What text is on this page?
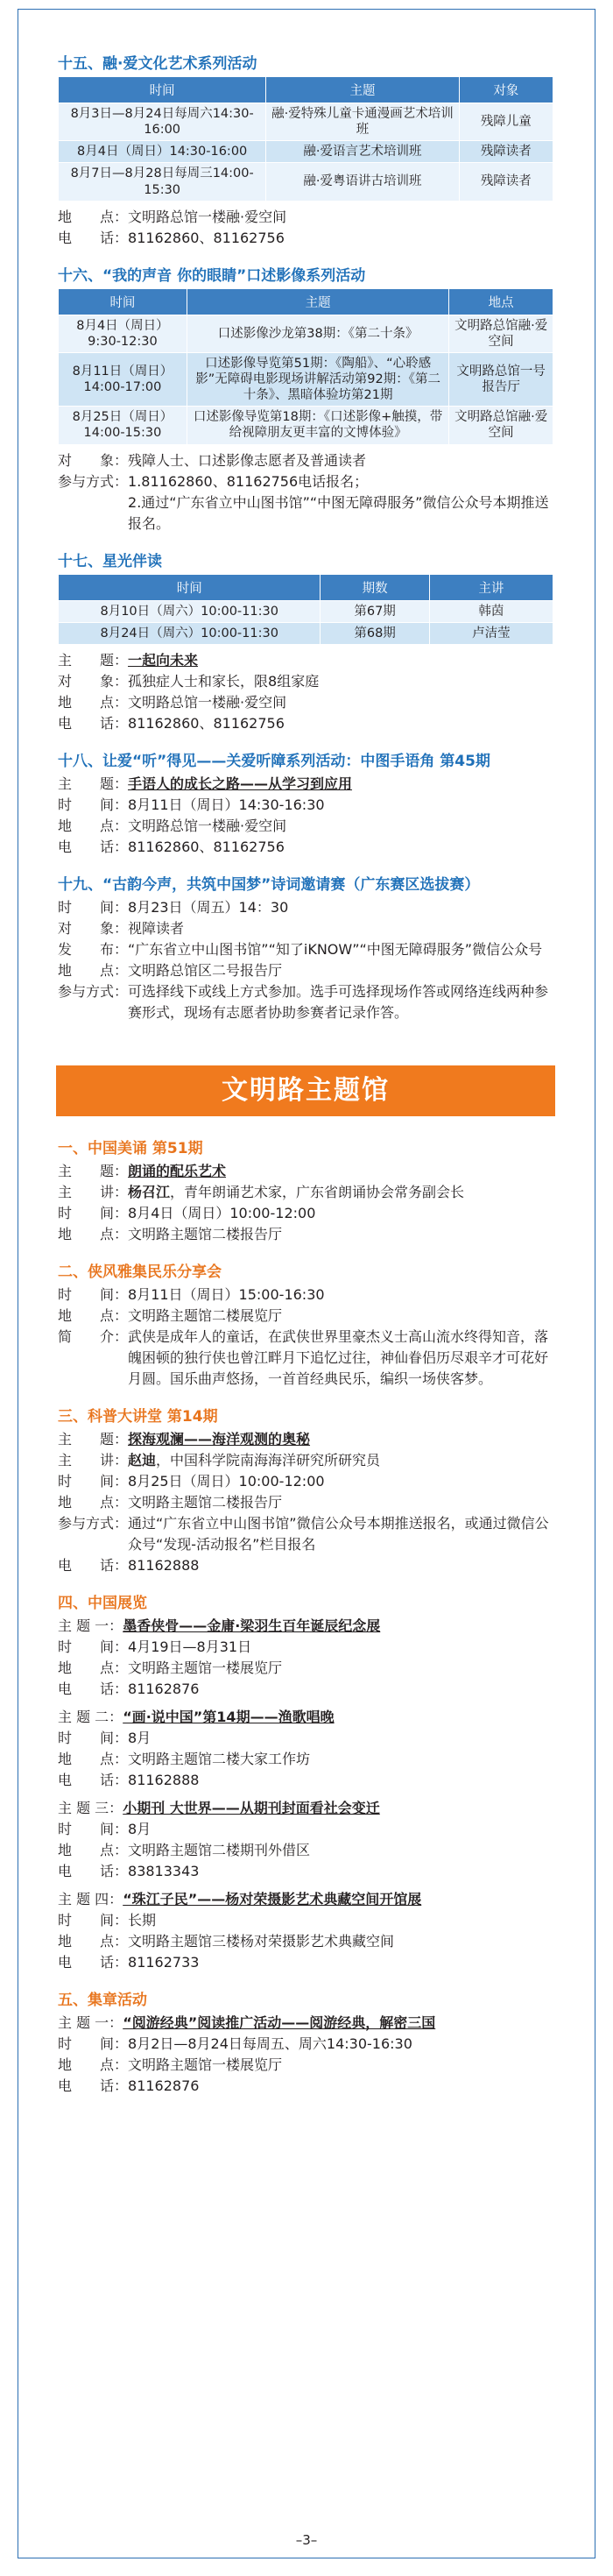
十五、融·爱文化艺术系列活动
时间	主题	对象
8月3日—8月24日每周六14:30-16:00	融·爱特殊儿童卡通漫画艺术培训班	残障儿童
8月4日（周日）14:30-16:00	融·爱语言艺术培训班	残障读者
8月7日—8月28日每周三14:00-15:30	融·爱粤语讲古培训班	残障读者
地　　点： 文明路总馆一楼融·爱空间
电　　话： 81162860、81162756
十六、“我的声音 你的眼睛”口述影像系列活动
时间	主题	地点
8月4日（周日）9:30-12:30	口述影像沙龙第38期：《第二十条》	文明路总馆融·爱空间
8月11日（周日）14:00-17:00	口述影像导览第51期：《陶船》、“心聆感影”无障碍电影现场讲解活动第92期：《第二十条》、黑暗体验坊第21期	文明路总馆一号报告厅
8月25日（周日）14:00-15:30	口述影像导览第18期：《口述影像+触摸，带给视障朋友更丰富的文博体验》	文明路总馆融·爱空间
对　　象： 残障人士、口述影像志愿者及普通读者
参与方式： 1.81162860、81162756电话报名；
2.通过“广东省立中山图书馆”“中图无障碍服务”微信公众号本期推送报名。
十七、星光伴读
时间	期数	主讲
8月10日（周六）10:00-11:30	第67期	韩茵
8月24日（周六）10:00-11:30	第68期	卢洁莹
主　　题： 一起向未来
对　　象： 孤独症人士和家长，限8组家庭
地　　点： 文明路总馆一楼融·爱空间
电　　话： 81162860、81162756
十八、让爱“听”得见——关爱听障系列活动：中图手语角 第45期
主　　题： 手语人的成长之路——从学习到应用
时　　间： 8月11日（周日）14:30-16:30
地　　点： 文明路总馆一楼融·爱空间
电　　话： 81162860、81162756
十九、“古韵今声，共筑中国梦”诗词邀请赛（广东赛区选拔赛）
时　　间： 8月23日（周五）14：30
对　　象： 视障读者
发　　布： “广东省立中山图书馆”“知了iKNOW”“中图无障碍服务”微信公众号
地　　点： 文明路总馆区二号报告厅
参与方式： 可选择线下或线上方式参加。选手可选择现场作答或网络连线两种参赛形式，现场有志愿者协助参赛者记录作答。
文明路主题馆
一、中国美诵 第51期
主　　题： 朗诵的配乐艺术
主　　讲： 杨召江，青年朗诵艺术家，广东省朗诵协会常务副会长
时　　间： 8月4日（周日）10:00-12:00
地　　点： 文明路主题馆二楼报告厅
二、侠风雅集民乐分享会
时　　间： 8月11日（周日）15:00-16:30
地　　点： 文明路主题馆二楼展览厅
简　　介： 武侠是成年人的童话，在武侠世界里豪杰义士高山流水终得知音，落魄困顿的独行侠也曾江畔月下追忆过往，神仙眷侣历尽艰辛才可花好月圆。国乐曲声悠扬，一首首经典民乐，编织一场侠客梦。
三、科普大讲堂 第14期
主　　题： 探海观澜——海洋观测的奥秘
主　　讲： 赵迪，中国科学院南海海洋研究所研究员
时　　间： 8月25日（周日）10:00-12:00
地　　点： 文明路主题馆二楼报告厅
参与方式： 通过“广东省立中山图书馆”微信公众号本期推送报名，或通过微信公众号“发现-活动报名”栏目报名
电　　话： 81162888
四、中国展览
主 题 一： 墨香侠骨——金庸·梁羽生百年诞辰纪念展
时　　间： 4月19日—8月31日
地　　点： 文明路主题馆一楼展览厅
电　　话： 81162876
主 题 二： “画·说中国”第14期——渔歌唱晚
时　　间： 8月
地　　点： 文明路主题馆二楼大家工作坊
电　　话： 81162888
主 题 三： 小期刊 大世界——从期刊封面看社会变迁
时　　间： 8月
地　　点： 文明路主题馆二楼期刊外借区
电　　话： 83813343
主 题 四： “珠江子民”——杨对荣摄影艺术典藏空间开馆展
时　　间： 长期
地　　点： 文明路主题馆三楼杨对荣摄影艺术典藏空间
电　　话： 81162733
五、集章活动
主 题 一： “阅游经典”阅读推广活动——阅游经典，解密三国
时　　间： 8月2日—8月24日每周五、周六14:30-16:30
地　　点： 文明路主题馆一楼展览厅
电　　话： 81162876
–3–
